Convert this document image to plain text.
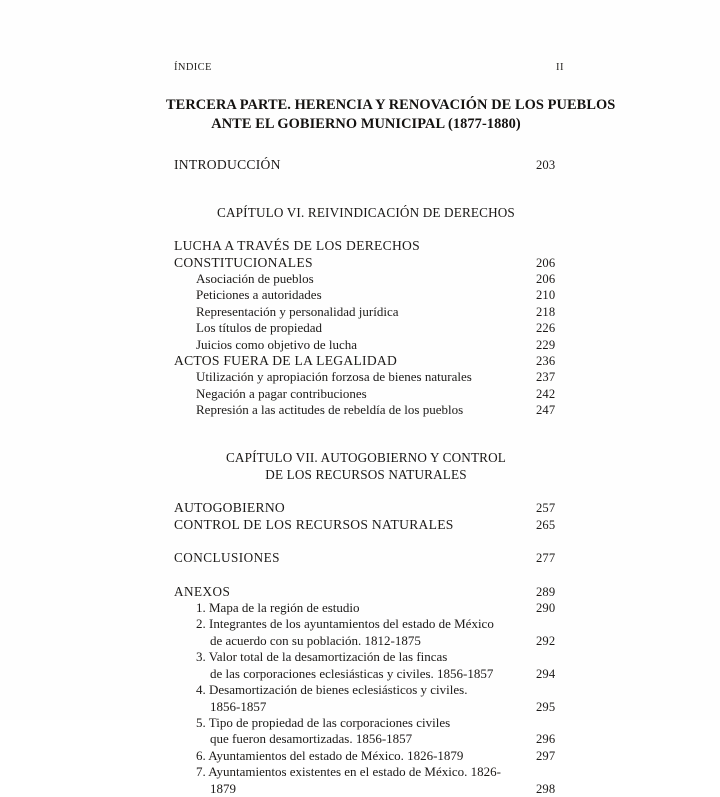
ÍNDICE	II
TERCERA PARTE. HERENCIA Y RENOVACIÓN DE LOS PUEBLOS
ANTE EL GOBIERNO MUNICIPAL (1877-1880)
INTRODUCCIÓN	203
CAPÍTULO VI. REIVINDICACIÓN DE DERECHOS
LUCHA A TRAVÉS DE LOS DERECHOS CONSTITUCIONALES	206
Asociación de pueblos	206
Peticiones a autoridades	210
Representación y personalidad jurídica	218
Los títulos de propiedad	226
Juicios como objetivo de lucha	229
ACTOS FUERA DE LA LEGALIDAD	236
Utilización y apropiación forzosa de bienes naturales	237
Negación a pagar contribuciones	242
Represión a las actitudes de rebeldía de los pueblos	247
CAPÍTULO VII. AUTOGOBIERNO Y CONTROL
DE LOS RECURSOS NATURALES
AUTOGOBIERNO	257
CONTROL DE LOS RECURSOS NATURALES	265
CONCLUSIONES	277
ANEXOS	289
1. Mapa de la región de estudio	290
2. Integrantes de los ayuntamientos del estado de México
de acuerdo con su población. 1812-1875	292
3. Valor total de la desamortización de las fincas
de las corporaciones eclesiásticas y civiles. 1856-1857	294
4. Desamortización de bienes eclesiásticos y civiles.
1856-1857	295
5. Tipo de propiedad de las corporaciones civiles
que fueron desamortizadas. 1856-1857	296
6. Ayuntamientos del estado de México. 1826-1879	297
7. Ayuntamientos existentes en el estado de México. 1826-1879	298
